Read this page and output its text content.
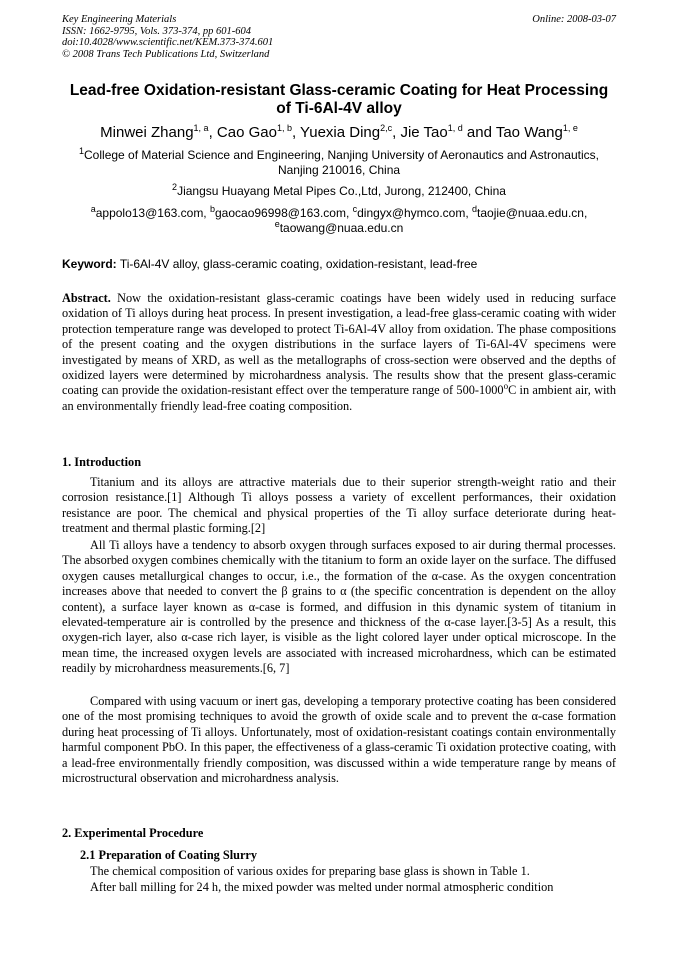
Key Engineering Materials
ISSN: 1662-9795, Vols. 373-374, pp 601-604
doi:10.4028/www.scientific.net/KEM.373-374.601
© 2008 Trans Tech Publications Ltd, Switzerland
Online: 2008-03-07
Lead-free Oxidation-resistant Glass-ceramic Coating for Heat Processing of Ti-6Al-4V alloy
Minwei Zhang$^{1, a}$, Cao Gao$^{1, b}$, Yuexia Ding$^{2,c}$, Jie Tao$^{1, d}$ and Tao Wang$^{1, e}$
$^1$College of Material Science and Engineering, Nanjing University of Aeronautics and Astronautics, Nanjing 210016, China
$^2$Jiangsu Huayang Metal Pipes Co.,Ltd, Jurong, 212400, China
$^a$appolo13@163.com, $^b$gaocao96998@163.com, $^c$dingyx@hymco.com, $^d$taojie@nuaa.edu.cn,
$^e$taowang@nuaa.edu.cn
Keyword: Ti-6Al-4V alloy, glass-ceramic coating, oxidation-resistant, lead-free
Abstract. Now the oxidation-resistant glass-ceramic coatings have been widely used in reducing surface oxidation of Ti alloys during heat process. In present investigation, a lead-free glass-ceramic coating with wider protection temperature range was developed to protect Ti-6Al-4V alloy from oxidation. The phase compositions of the present coating and the oxygen distributions in the surface layers of Ti-6Al-4V specimens were investigated by means of XRD, as well as the metallographs of cross-section were observed and the depths of oxidized layers were determined by microhardness analysis. The results show that the present glass-ceramic coating can provide the oxidation-resistant effect over the temperature range of 500-1000$^o$C in ambient air, with an environmentally friendly lead-free coating composition.
1. Introduction
Titanium and its alloys are attractive materials due to their superior strength-weight ratio and their corrosion resistance.[1] Although Ti alloys possess a variety of excellent performances, their oxidation resistance are poor. The chemical and physical properties of the Ti alloy surface deteriorate during heat-treatment and thermal plastic forming.[2]
All Ti alloys have a tendency to absorb oxygen through surfaces exposed to air during thermal processes. The absorbed oxygen combines chemically with the titanium to form an oxide layer on the surface. The diffused oxygen causes metallurgical changes to occur, i.e., the formation of the α-case. As the oxygen concentration increases above that needed to convert the β grains to α (the specific concentration is dependent on the alloy content), a surface layer known as α-case is formed, and diffusion in this dynamic system of titanium in elevated-temperature air is controlled by the presence and thickness of the α-case layer.[3-5] As a result, this oxygen-rich layer, also α-case rich layer, is visible as the light colored layer under optical microscope. In the mean time, the increased oxygen levels are associated with increased microhardness, which can be estimated readily by microhardness measurements.[6, 7]
Compared with using vacuum or inert gas, developing a temporary protective coating has been considered one of the most promising techniques to avoid the growth of oxide scale and to prevent the α-case formation during heat processing of Ti alloys. Unfortunately, most of oxidation-resistant coatings contain environmentally harmful component PbO. In this paper, the effectiveness of a glass-ceramic Ti oxidation protective coating, with a lead-free environmentally friendly composition, was discussed within a wide temperature range by means of microstructural observation and microhardness analysis.
2. Experimental Procedure
2.1 Preparation of Coating Slurry
The chemical composition of various oxides for preparing base glass is shown in Table 1.
After ball milling for 24 h, the mixed powder was melted under normal atmospheric condition
